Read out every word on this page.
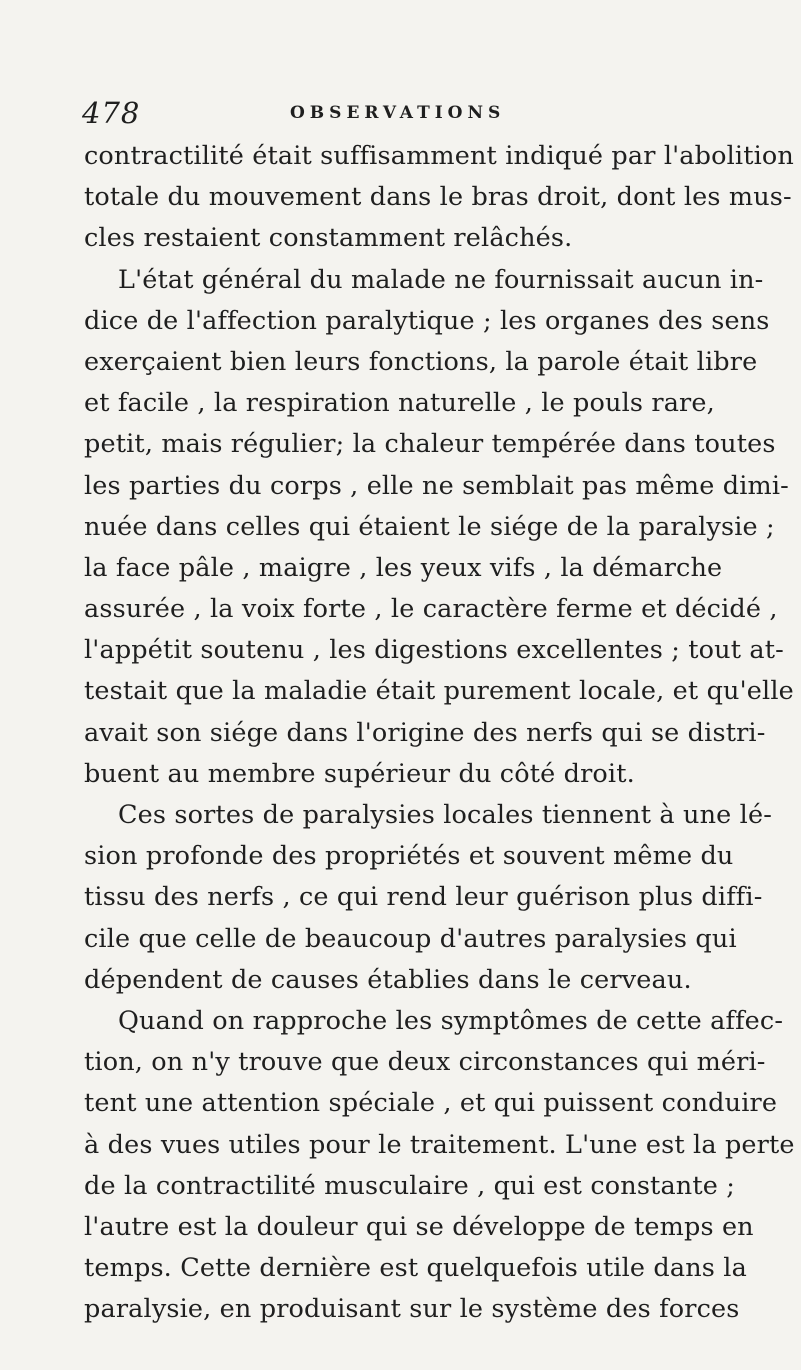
478	OBSERVATIONS
contractilité était suffisamment indiqué par l'abolition
totale du mouvement dans le bras droit, dont les mus-
cles restaient constamment relâchés.
L'état général du malade ne fournissait aucun in-
dice de l'affection paralytique ; les organes des sens
exerçaient bien leurs fonctions, la parole était libre
et facile , la respiration naturelle , le pouls rare,
petit, mais régulier; la chaleur tempérée dans toutes
les parties du corps , elle ne semblait pas même dimi-
nuée dans celles qui étaient le siége de la paralysie ;
la face pâle , maigre , les yeux vifs , la démarche
assurée , la voix forte , le caractère ferme et décidé ,
l'appétit soutenu , les digestions excellentes ; tout at-
testait que la maladie était purement locale, et qu'elle
avait son siége dans l'origine des nerfs qui se distri-
buent au membre supérieur du côté droit.
Ces sortes de paralysies locales tiennent à une lé-
sion profonde des propriétés et souvent même du
tissu des nerfs , ce qui rend leur guérison plus diffi-
cile que celle de beaucoup d'autres paralysies qui
dépendent de causes établies dans le cerveau.
Quand on rapproche les symptômes de cette affec-
tion, on n'y trouve que deux circonstances qui méri-
tent une attention spéciale , et qui puissent conduire
à des vues utiles pour le traitement. L'une est la perte
de la contractilité musculaire , qui est constante ;
l'autre est la douleur qui se développe de temps en
temps. Cette dernière est quelquefois utile dans la
paralysie, en produisant sur le système des forces
